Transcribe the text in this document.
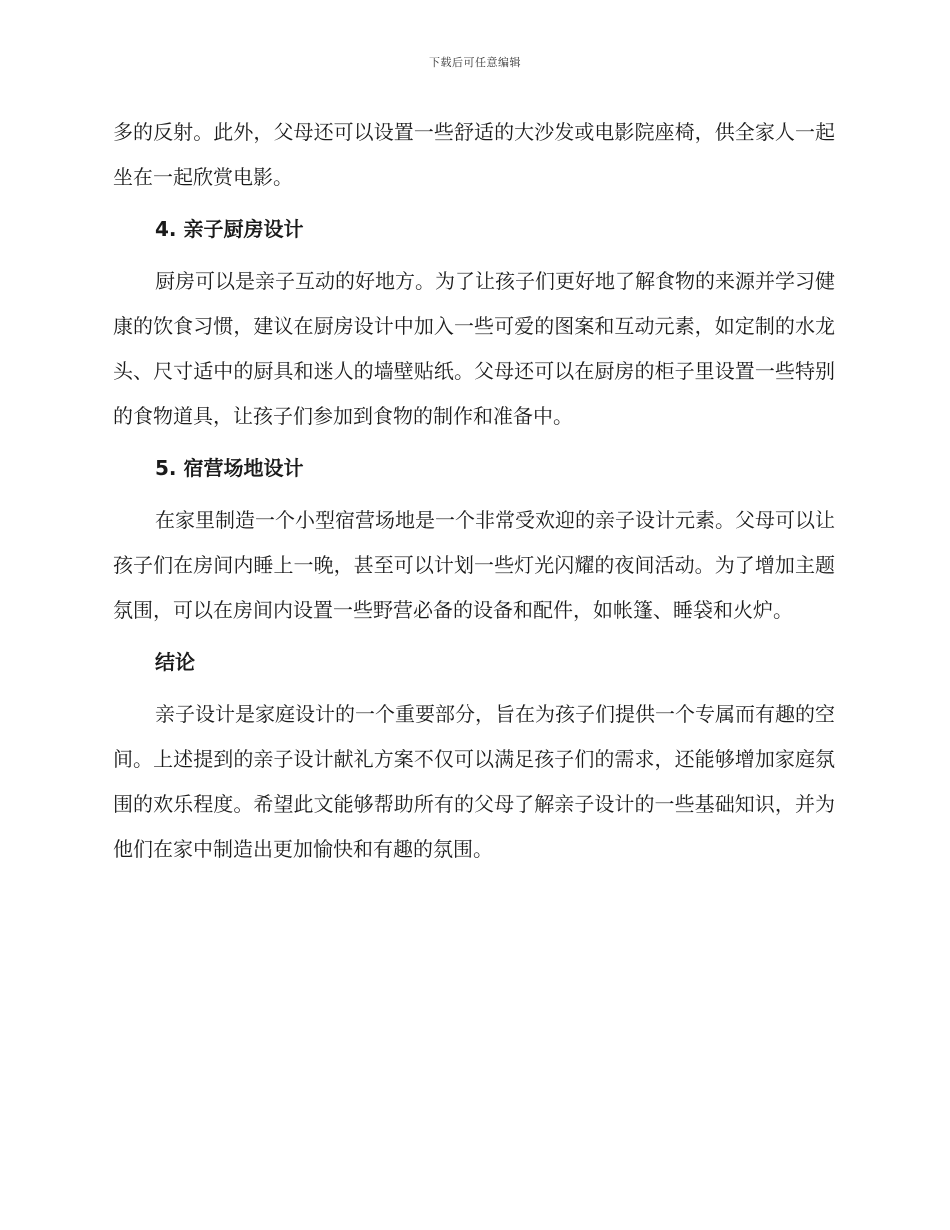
下载后可任意编辑

多的反射。此外，父母还可以设置一些舒适的大沙发或电影院座椅，供全家人一起坐在一起欣赏电影。

4. 亲子厨房设计

厨房可以是亲子互动的好地方。为了让孩子们更好地了解食物的来源并学习健康的饮食习惯，建议在厨房设计中加入一些可爱的图案和互动元素，如定制的水龙头、尺寸适中的厨具和迷人的墙壁贴纸。父母还可以在厨房的柜子里设置一些特别的食物道具，让孩子们参加到食物的制作和准备中。

5. 宿营场地设计

在家里制造一个小型宿营场地是一个非常受欢迎的亲子设计元素。父母可以让孩子们在房间内睡上一晚，甚至可以计划一些灯光闪耀的夜间活动。为了增加主题氛围，可以在房间内设置一些野营必备的设备和配件，如帐篷、睡袋和火炉。

结论

亲子设计是家庭设计的一个重要部分，旨在为孩子们提供一个专属而有趣的空间。上述提到的亲子设计献礼方案不仅可以满足孩子们的需求，还能够增加家庭氛围的欢乐程度。希望此文能够帮助所有的父母了解亲子设计的一些基础知识，并为他们在家中制造出更加愉快和有趣的氛围。
